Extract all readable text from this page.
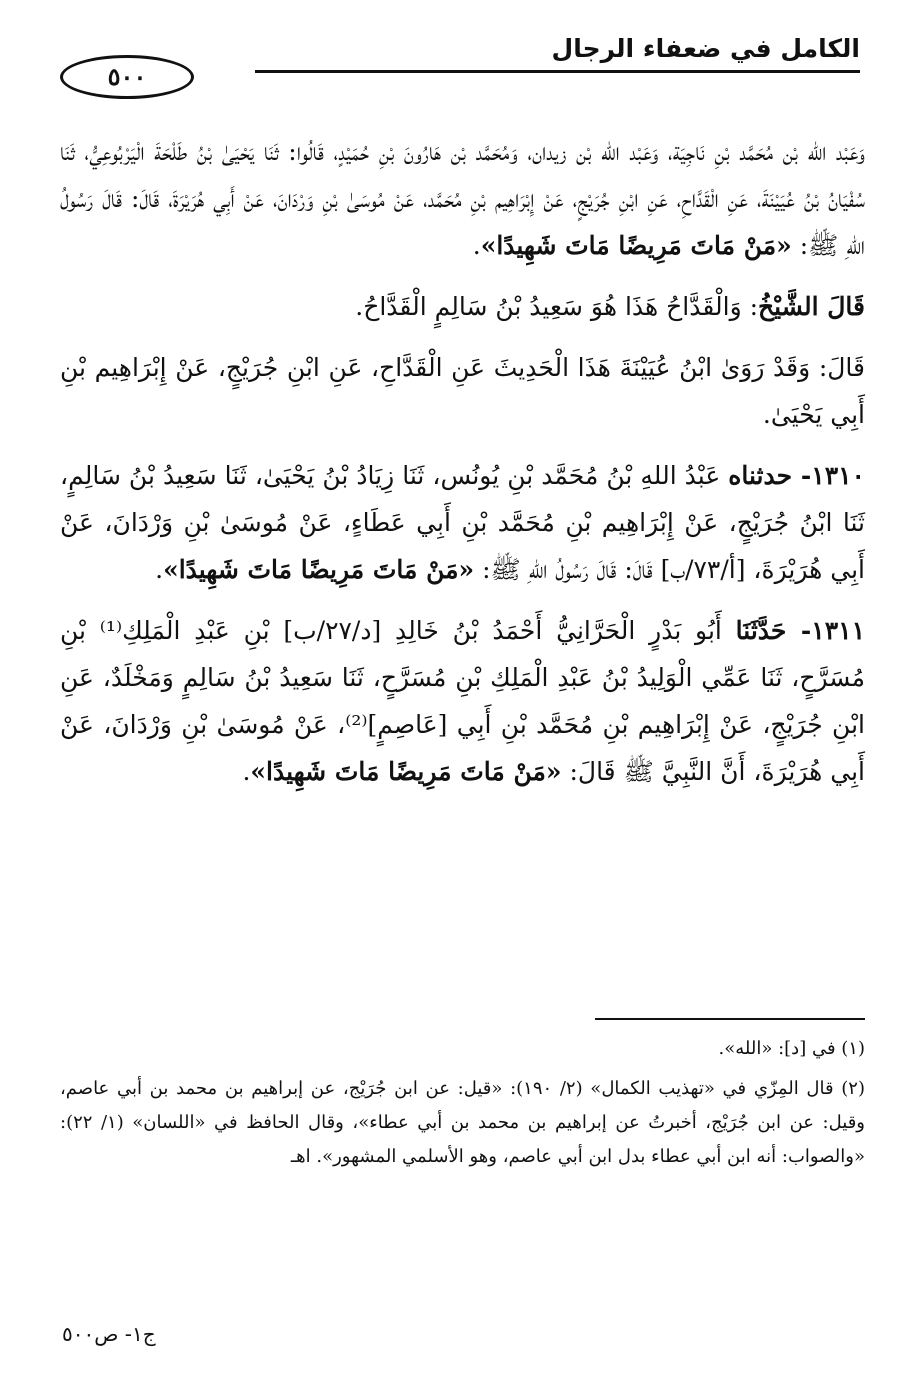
الكامل في ضعفاء الرجال
٥٠٠

وَعَبْد الله بْن مُحَمَّد بْنِ نَاجِيَة، وَعَبْد الله بْن زيدان، وَمُحَمَّد بْن هَارُونَ بْنِ حُمَيْدٍ، قَالُوا: ثَنَا يَحْيَىٰ بْنُ طَلْحَةَ الْيَرْبُوعِيُّ، ثَنَا سُفْيَانُ بْنُ عُيَيْنَةَ، عَنِ الْقَدَّاحِ، عَنِ ابْنِ جُرَيْجٍ، عَنْ إِبْرَاهِيم بْنِ مُحَمَّد، عَنْ مُوسَىٰ بْنِ وَرْدَانَ، عَنْ أَبِي هُرَيْرَةَ، قَالَ: قَالَ رَسُولُ اللهِ ﷺ: «مَنْ مَاتَ مَرِيضًا مَاتَ شَهِيدًا».

قَالَ الشَّيْخُ: وَالْقَدَّاحُ هَذَا هُوَ سَعِيدُ بْنُ سَالِمٍ الْقَدَّاحُ.

قَالَ: وَقَدْ رَوَىٰ ابْنُ عُيَيْنَةَ هَذَا الْحَدِيثَ عَنِ الْقَدَّاحِ، عَنِ ابْنِ جُرَيْجٍ، عَنْ إِبْرَاهِيم بْنِ أَبِي يَحْيَىٰ.

١٣١٠- حدثناه عَبْدُ اللهِ بْنُ مُحَمَّد بْنِ يُونُس، ثَنَا زِيَادُ بْنُ يَحْيَىٰ، ثَنَا سَعِيدُ بْنُ سَالِمٍ، ثَنَا ابْنُ جُرَيْجٍ، عَنْ إِبْرَاهِيم بْنِ مُحَمَّد بْنِ أَبِي عَطَاءٍ، عَنْ مُوسَىٰ بْنِ وَرْدَانَ، عَنْ أَبِي هُرَيْرَةَ، [أ/٧٣/ب] قَالَ: قَالَ رَسُولُ اللهِ ﷺ: «مَنْ مَاتَ مَرِيضًا مَاتَ شَهِيدًا».

١٣١١- حَدَّثَنَا أَبُو بَدْرٍ الْحَرَّانِيُّ أَحْمَدُ بْنُ خَالِدِ [د/٢٧/ب] بْنِ عَبْدِ الْمَلِكِ⁽¹⁾ بْنِ مُسَرَّحٍ، ثَنَا عَمِّي الْوَلِيدُ بْنُ عَبْدِ الْمَلِكِ بْنِ مُسَرَّحٍ، ثَنَا سَعِيدُ بْنُ سَالِمٍ وَمَخْلَدٌ، عَنِ ابْنِ جُرَيْجٍ، عَنْ إِبْرَاهِيم بْنِ مُحَمَّد بْنِ أَبِي [عَاصِمٍ]⁽²⁾، عَنْ مُوسَىٰ بْنِ وَرْدَانَ، عَنْ أَبِي هُرَيْرَةَ، أَنَّ النَّبِيَّ ﷺ قَالَ: «مَنْ مَاتَ مَرِيضًا مَاتَ شَهِيدًا».

(١) في [د]: «الله».

(٢) قال المِزّي في «تهذيب الكمال» (٢/ ١٩٠): «قيل: عن ابن جُرَيْج، عن إبراهيم بن محمد بن أبي عاصم، وقيل: عن ابن جُرَيْج، أخبرتُ عن إبراهيم بن محمد بن أبي عطاء»، وقال الحافظ في «اللسان» (١/ ٢٢): «والصواب: أنه ابن أبي عطاء بدل ابن أبي عاصم، وهو الأسلمي المشهور». اهـ

ج١- ص٥٠٠
